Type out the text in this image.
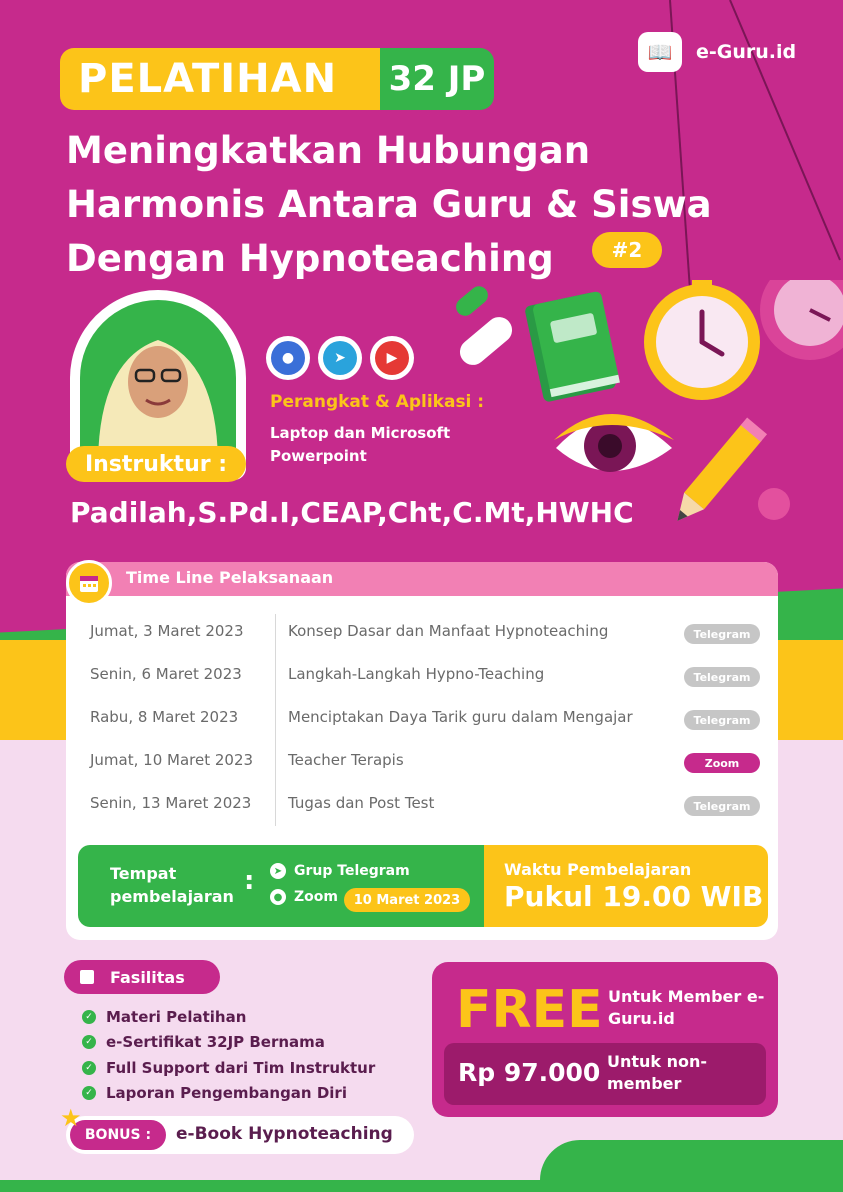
PELATIHAN 32 JP
📖	e-Guru.id
Meningkatkan Hubungan
Harmonis Antara Guru & Siswa
Dengan Hypnoteaching	#2
Instruktur :
Padilah,S.Pd.I,CEAP,Cht,C.Mt,HWHC
●	➤	▶
Perangkat & Aplikasi :
Laptop dan Microsoft Powerpoint
Time Line Pelaksanaan
Jumat, 3 Maret 2023	Konsep Dasar dan Manfaat Hypnoteaching	Telegram
Senin, 6 Maret 2023	Langkah-Langkah Hypno-Teaching	Telegram
Rabu, 8 Maret 2023	Menciptakan Daya Tarik guru dalam Mengajar	Telegram
Jumat, 10 Maret 2023 Teacher Terapis	Zoom
Senin, 13 Maret 2023 Tugas dan Post Test	Telegram
Tempat pembelajaran
:	➤ Grup Telegram
● Zoom	10 Maret 2023
Waktu Pembelajaran
Pukul 19.00 WIB
Fasilitas
✓ Materi Pelatihan
✓ e-Sertifikat 32JP Bernama
✓ Full Support dari Tim Instruktur
✓ Laporan Pengembangan Diri
BONUS :	e-Book Hypnoteaching
★
FREE Untuk Member e-Guru.id
Rp 97.000 Untuk non-member
